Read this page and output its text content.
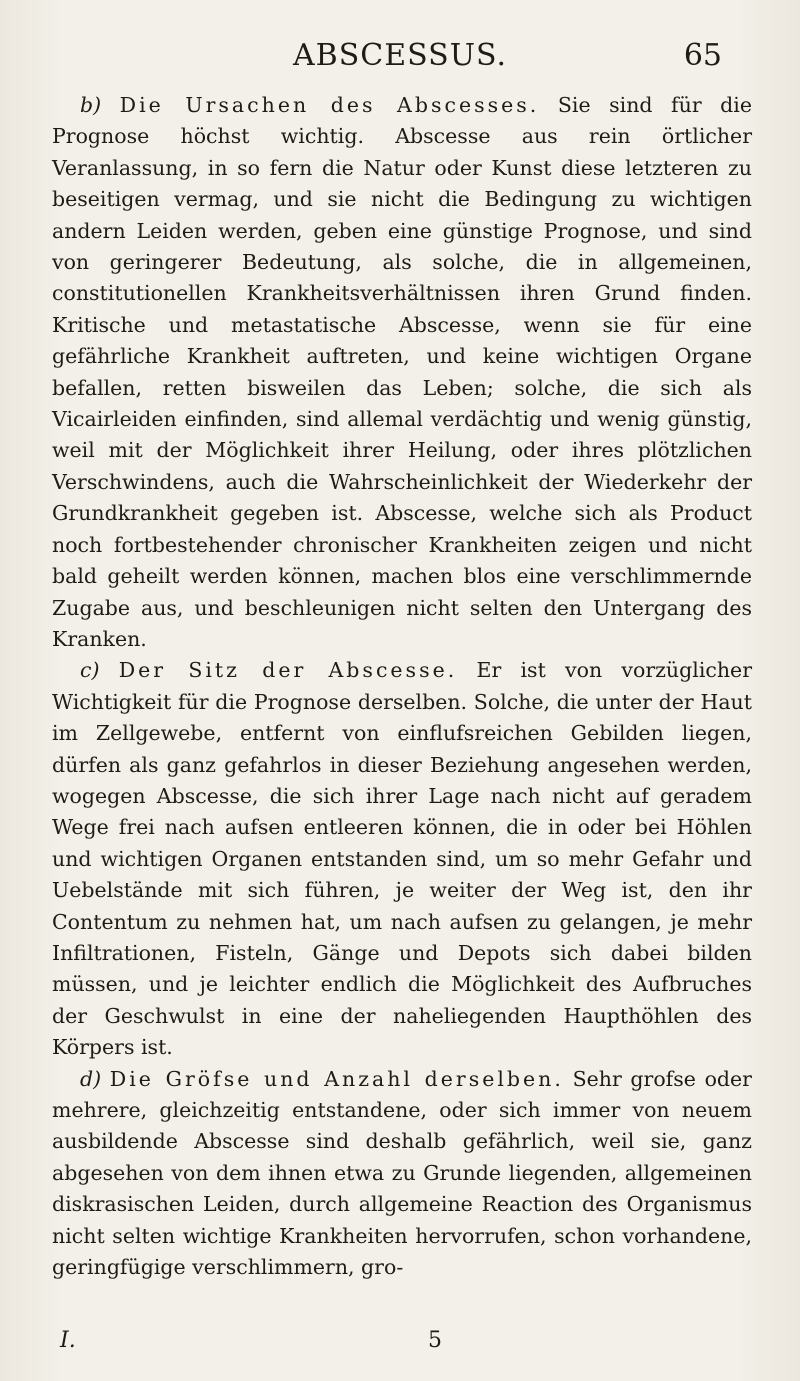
ABSCESSUS.	65

b) Die Ursachen des Abscesses. Sie sind für die Prognose höchst wichtig. Abscesse aus rein örtlicher Veranlassung, in so fern die Natur oder Kunst diese letzteren zu beseitigen vermag, und sie nicht die Bedingung zu wichtigen andern Leiden werden, geben eine günstige Prognose, und sind von geringerer Bedeutung, als solche, die in allgemeinen, constitutionellen Krankheitsverhältnissen ihren Grund finden. Kritische und metastatische Abscesse, wenn sie für eine gefährliche Krankheit auftreten, und keine wichtigen Organe befallen, retten bisweilen das Leben; solche, die sich als Vicairleiden einfinden, sind allemal verdächtig und wenig günstig, weil mit der Möglichkeit ihrer Heilung, oder ihres plötzlichen Verschwindens, auch die Wahrscheinlichkeit der Wiederkehr der Grundkrankheit gegeben ist. Abscesse, welche sich als Product noch fortbestehender chronischer Krankheiten zeigen und nicht bald geheilt werden können, machen blos eine verschlimmernde Zugabe aus, und beschleunigen nicht selten den Untergang des Kranken.

c) Der Sitz der Abscesse. Er ist von vorzüglicher Wichtigkeit für die Prognose derselben. Solche, die unter der Haut im Zellgewebe, entfernt von einflufsreichen Gebilden liegen, dürfen als ganz gefahrlos in dieser Beziehung angesehen werden, wogegen Abscesse, die sich ihrer Lage nach nicht auf geradem Wege frei nach aufsen entleeren können, die in oder bei Höhlen und wichtigen Organen entstanden sind, um so mehr Gefahr und Uebelstände mit sich führen, je weiter der Weg ist, den ihr Contentum zu nehmen hat, um nach aufsen zu gelangen, je mehr Infiltrationen, Fisteln, Gänge und Depots sich dabei bilden müssen, und je leichter endlich die Möglichkeit des Aufbruches der Geschwulst in eine der naheliegenden Haupthöhlen des Körpers ist.

d) Die Gröfse und Anzahl derselben. Sehr grofse oder mehrere, gleichzeitig entstandene, oder sich immer von neuem ausbildende Abscesse sind deshalb gefährlich, weil sie, ganz abgesehen von dem ihnen etwa zu Grunde liegenden, allgemeinen diskrasischen Leiden, durch allgemeine Reaction des Organismus nicht selten wichtige Krankheiten hervorrufen, schon vorhandene, geringfügige verschlimmern, gro-

I.	5
